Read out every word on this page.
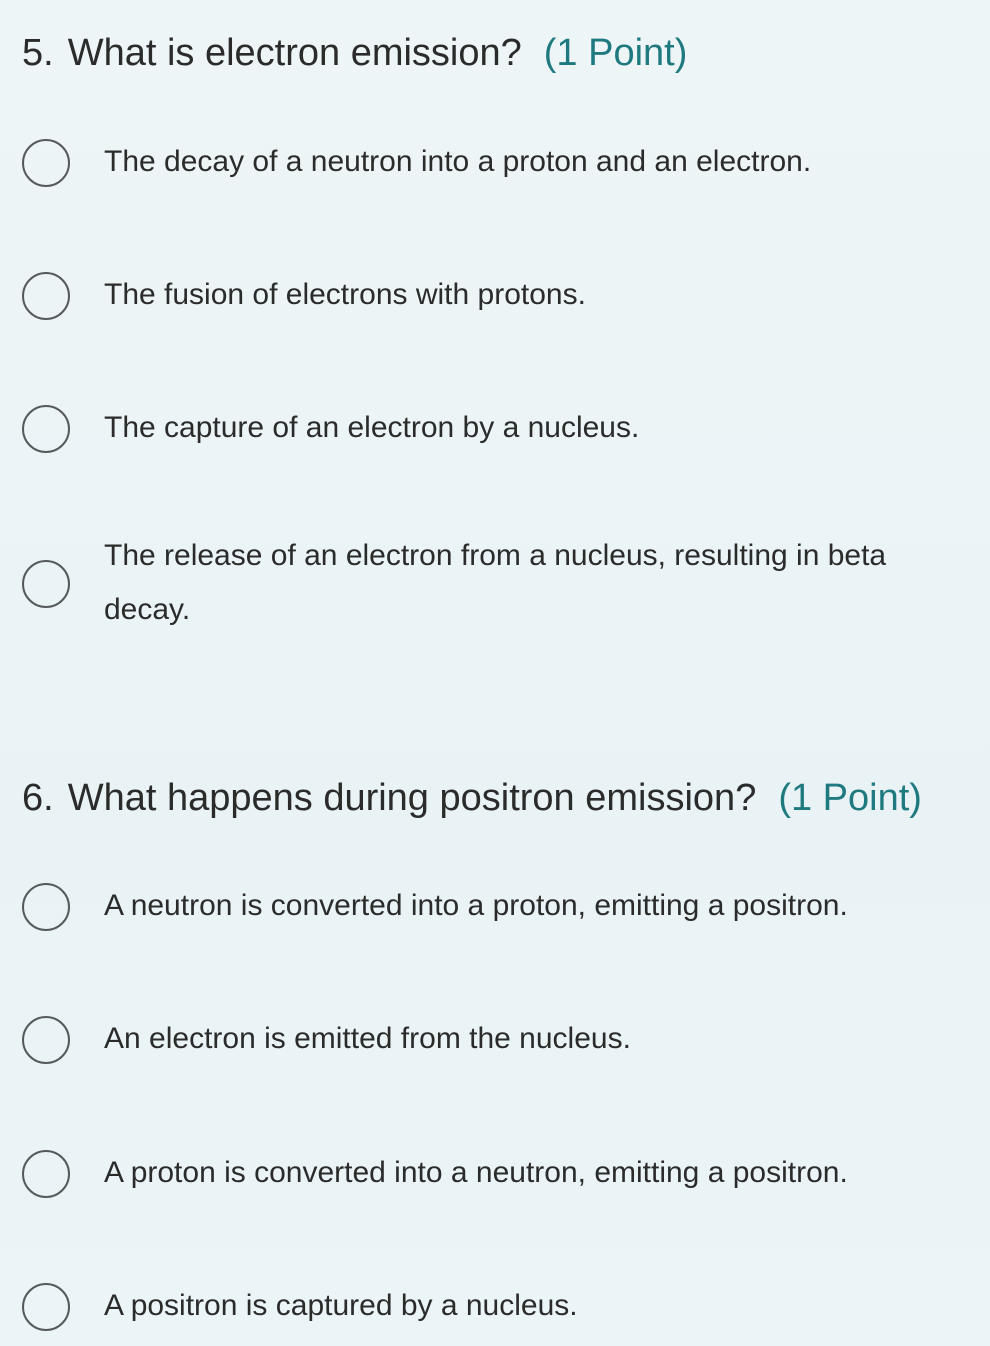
5. What is electron emission? (1 Point)
The decay of a neutron into a proton and an electron.
The fusion of electrons with protons.
The capture of an electron by a nucleus.
The release of an electron from a nucleus, resulting in beta decay.
6. What happens during positron emission? (1 Point)
A neutron is converted into a proton, emitting a positron.
An electron is emitted from the nucleus.
A proton is converted into a neutron, emitting a positron.
A positron is captured by a nucleus.
